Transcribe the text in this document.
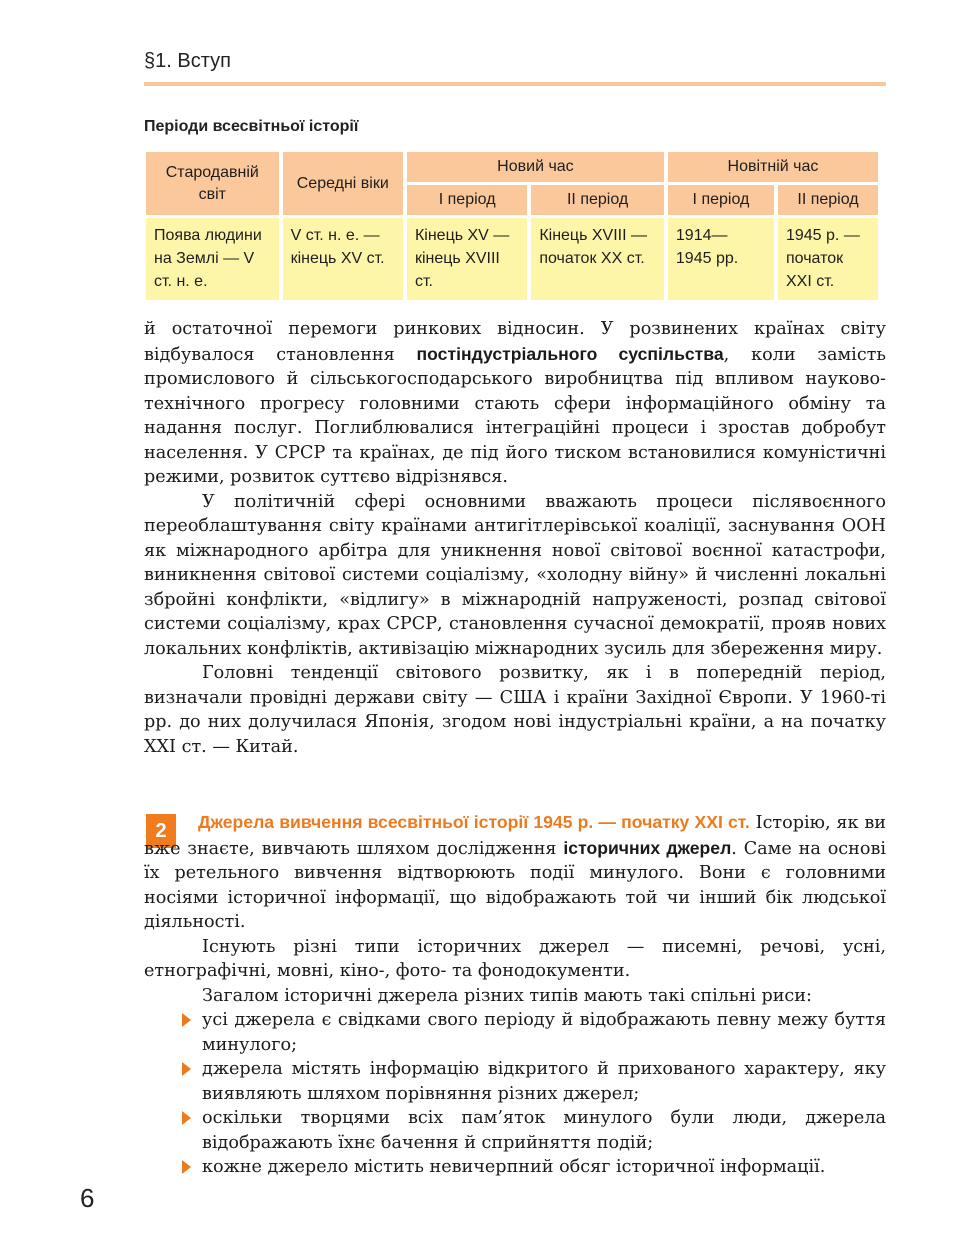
§1. Вступ
Періоди всесвітньої історії
Стародавній світ	Середні віки	Новий час		Новітній час	
		I період	II період	I період	II період
Поява людини на Землі — V ст. н. е.	V ст. н. е. — кінець XV ст.	Кінець XV — кінець XVIII ст.	Кінець XVIII — початок XX ст.	1914— 1945 рр.	1945 р. — початок XXI ст.

й остаточної перемоги ринкових відносин. У розвинених країнах світу відбувалося становлення постіндустріального суспільства, коли замість промислового й сільськогосподарського виробництва під впливом науково-технічного прогресу головними стають сфери інформаційного обміну та надання послуг. Поглиблювалися інтеграційні процеси і зростав добробут населення. У СРСР та країнах, де під його тиском встановилися комуністичні режими, розвиток суттєво відрізнявся.

У політичній сфері основними вважають процеси післявоєнного переоблаштування світу країнами антигітлерівської коаліції, заснування ООН як міжнародного арбітра для уникнення нової світової воєнної катастрофи, виникнення світової системи соціалізму, «холодну війну» й численні локальні збройні конфлікти, «відлигу» в міжнародній напруженості, розпад світової системи соціалізму, крах СРСР, становлення сучасної демократії, прояв нових локальних конфліктів, активізацію міжнародних зусиль для збереження миру.

Головні тенденції світового розвитку, як і в попередній період, визначали провідні держави світу — США і країни Західної Європи. У 1960-ті рр. до них долучилася Японія, згодом нові індустріальні країни, а на початку XXI ст. — Китай.

2	Джерела вивчення всесвітньої історії 1945 р. — початку XXI ст. Історію, як ви вже знаєте, вивчають шляхом дослідження історичних джерел. Саме на основі їх ретельного вивчення відтворюють події минулого. Вони є головними носіями історичної інформації, що відображають той чи інший бік людської діяльності.

Існують різні типи історичних джерел — писемні, речові, усні, етнографічні, мовні, кіно-, фото- та фонодокументи.

Загалом історичні джерела різних типів мають такі спільні риси:

усі джерела є свідками свого періоду й відображають певну межу буття минулого;
джерела містять інформацію відкритого й прихованого характеру, яку виявляють шляхом порівняння різних джерел;
оскільки творцями всіх пам’яток минулого були люди, джерела відображають їхнє бачення й сприйняття подій;
кожне джерело містить невичерпний обсяг історичної інформації.
6
